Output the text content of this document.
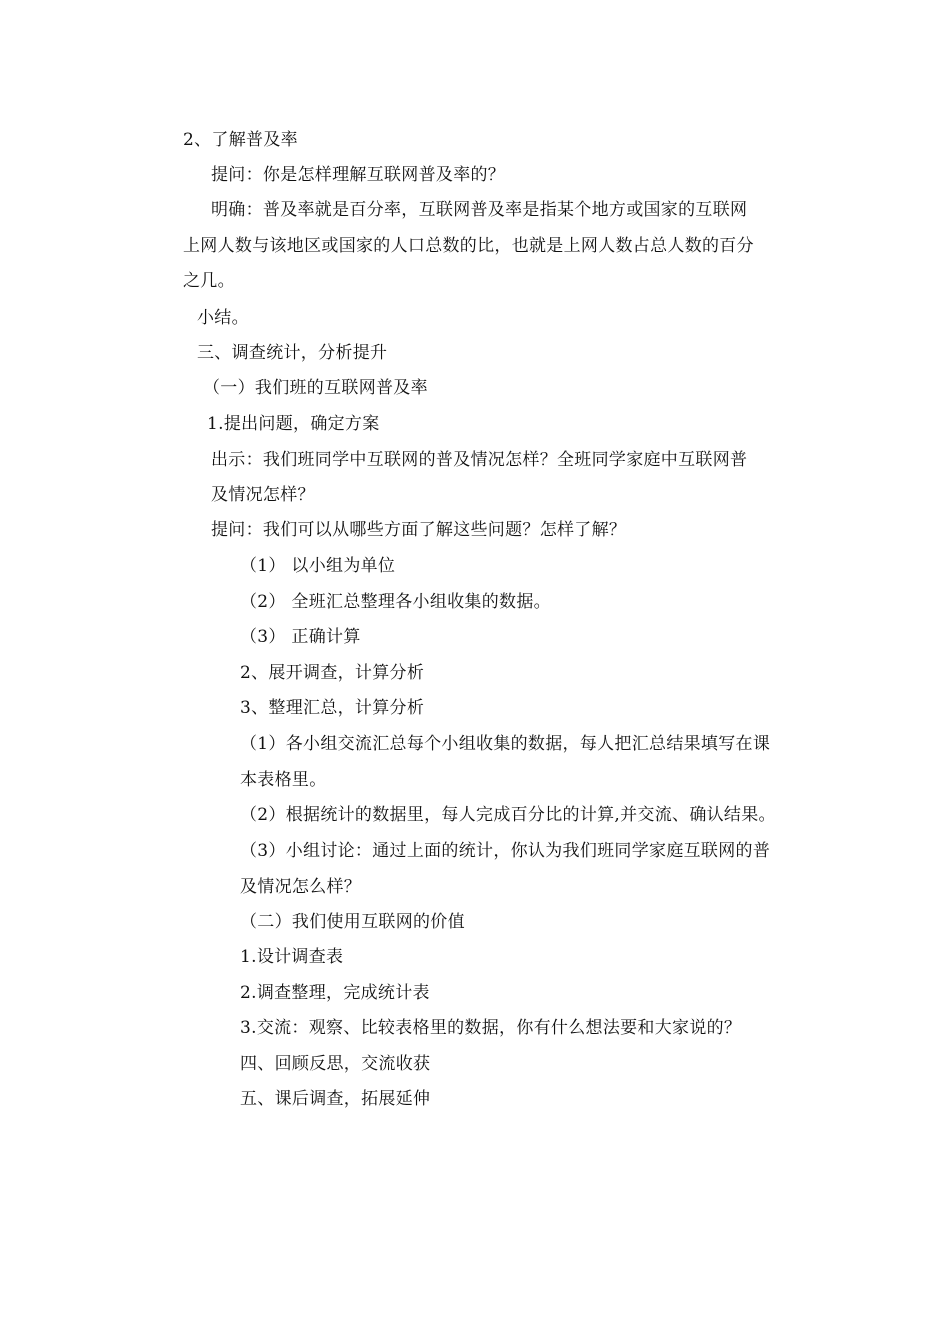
2、了解普及率
提问：你是怎样理解互联网普及率的？
明确：普及率就是百分率，互联网普及率是指某个地方或国家的互联网
上网人数与该地区或国家的人口总数的比，也就是上网人数占总人数的百分
之几。
小结。
三、调查统计，分析提升
（一）我们班的互联网普及率
1.提出问题，确定方案
出示：我们班同学中互联网的普及情况怎样？全班同学家庭中互联网普
及情况怎样？
提问：我们可以从哪些方面了解这些问题？怎样了解？
（1） 以小组为单位
（2） 全班汇总整理各小组收集的数据。
（3） 正确计算
2、展开调查，计算分析
3、整理汇总，计算分析
（1）各小组交流汇总每个小组收集的数据，每人把汇总结果填写在课
本表格里。
（2）根据统计的数据里，每人完成百分比的计算,并交流、确认结果。
（3）小组讨论：通过上面的统计，你认为我们班同学家庭互联网的普
及情况怎么样？
（二）我们使用互联网的价值
1.设计调查表
2.调查整理，完成统计表
3.交流：观察、比较表格里的数据，你有什么想法要和大家说的？
四、回顾反思，交流收获
五、课后调查，拓展延伸
